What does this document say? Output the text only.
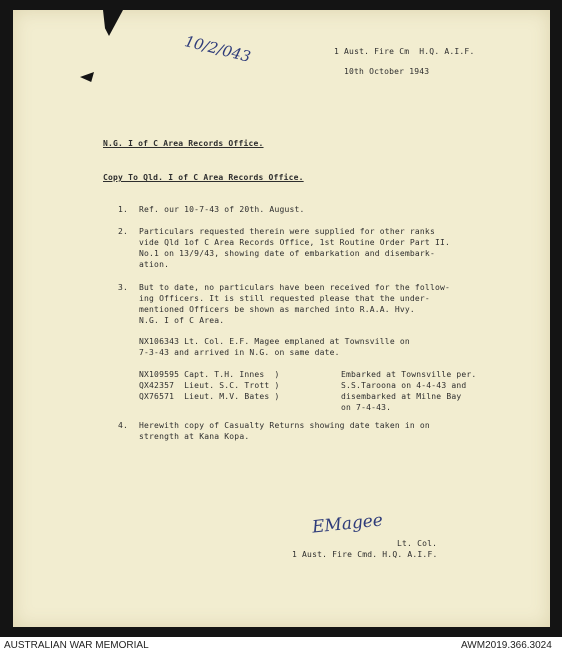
10/2/043	1 Aust. Fire Cm  H.Q. A.I.F.
10th October 1943
N.G. I of C Area Records Office.
Copy To Qld. I of C Area Records Office.
1. Ref. our 10-7-43 of 20th. August.
2. Particulars requested therein were supplied for other ranks
vide Qld 1of C Area Records Office, 1st Routine Order Part II.
No.1 on 13/9/43, showing date of embarkation and disembark-
ation.
3. But to date, no particulars have been received for the follow-
ing Officers. It is still requested please that the under-
mentioned Officers be shown as marched into R.A.A. Hvy.
N.G. I of C Area.
NX106343 Lt. Col. E.F. Magee emplaned at Townsville on
7-3-43 and arrived in N.G. on same date.
NX109595 Capt. T.H. Innes  )
QX42357  Lieut. S.C. Trott )
QX76571  Lieut. M.V. Bates )
Embarked at Townsville per.
S.S.Taroona on 4-4-43 and
disembarked at Milne Bay
on 7-4-43.
4. Herewith copy of Casualty Returns showing date taken in on
strength at Kana Kopa.
EMagee
Lt. Col.
1 Aust. Fire Cmd. H.Q. A.I.F.
AUSTRALIAN WAR MEMORIAL	AWM2019.366.3024
